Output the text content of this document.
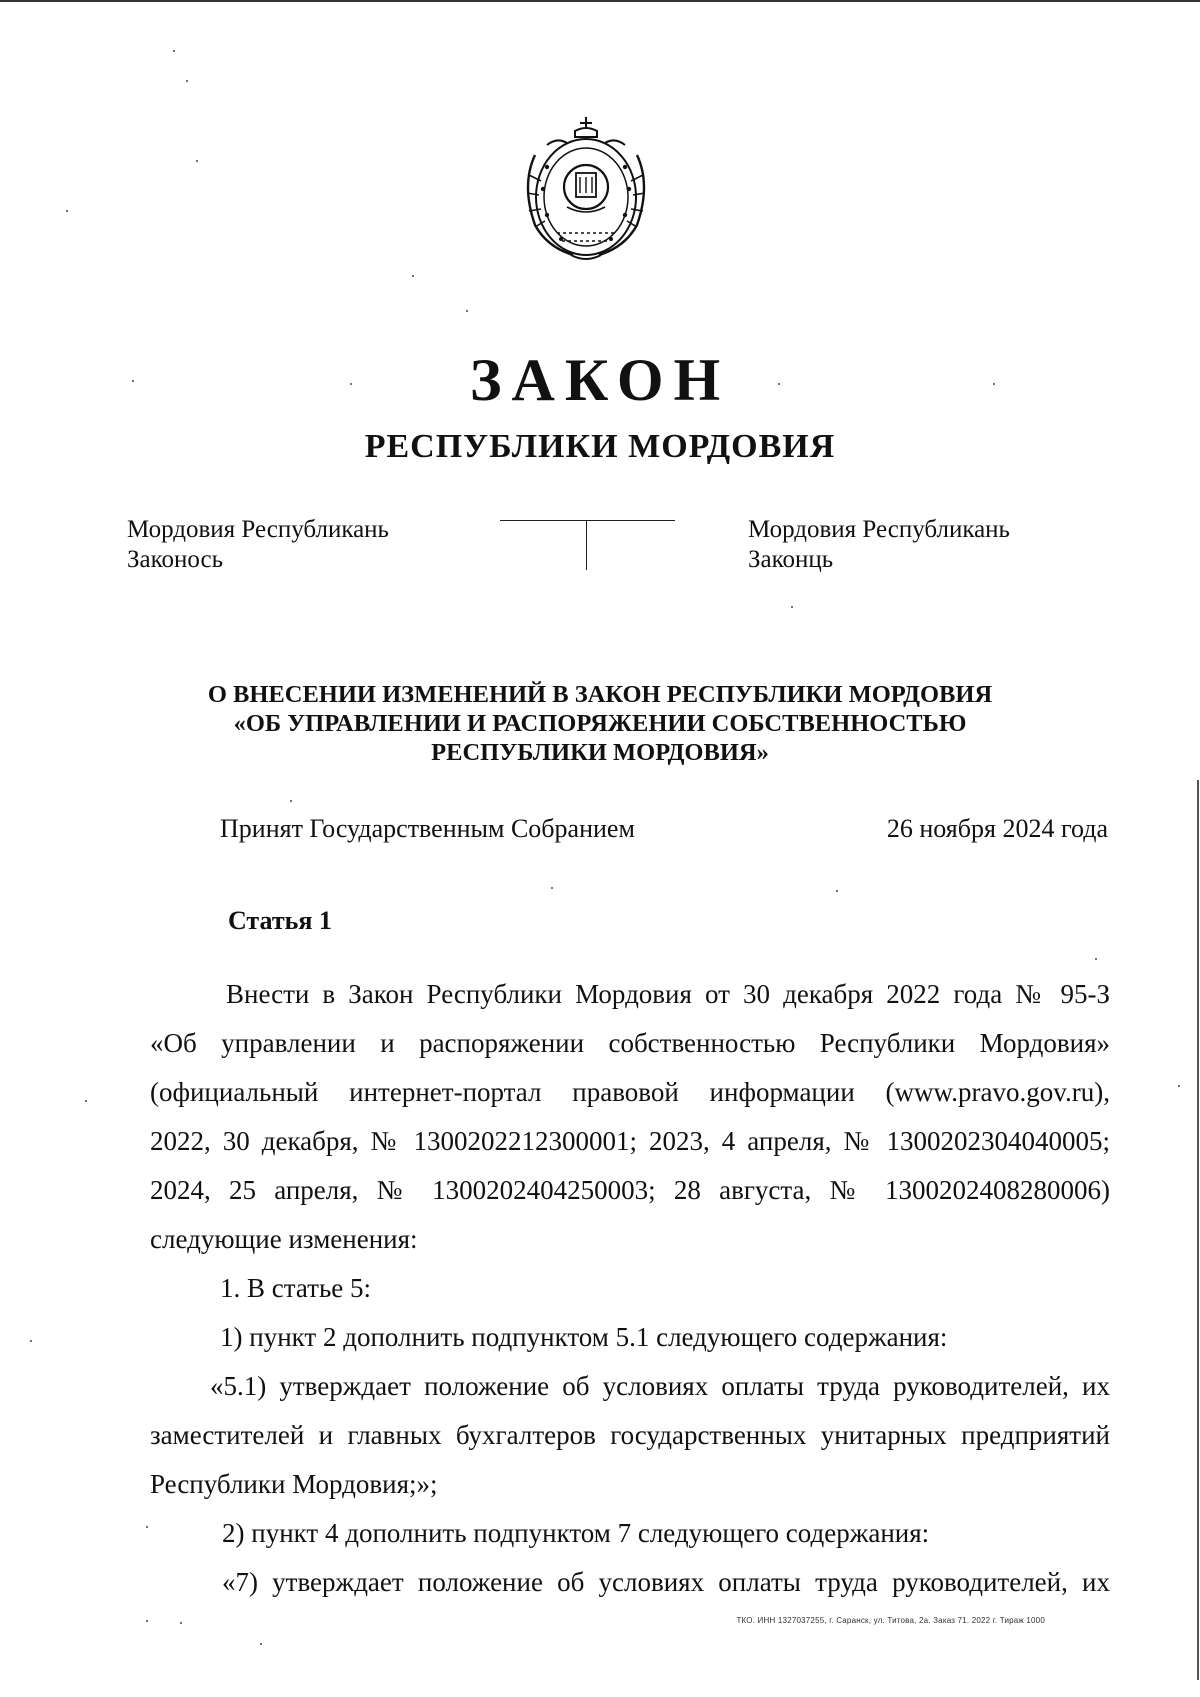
ЗАКОН
РЕСПУБЛИКИ МОРДОВИЯ
Мордовия Республикань
Законось
Мордовия Республикань
Законць
О ВНЕСЕНИИ ИЗМЕНЕНИЙ В ЗАКОН РЕСПУБЛИКИ МОРДОВИЯ
«ОБ УПРАВЛЕНИИ И РАСПОРЯЖЕНИИ СОБСТВЕННОСТЬЮ
РЕСПУБЛИКИ МОРДОВИЯ»
Принят Государственным Собранием	26 ноября 2024 года
Статья 1
Внести в Закон Республики Мордовия от 30 декабря 2022 года № 95-З
«Об управлении и распоряжении собственностью Республики Мордовия»
(официальный интернет-портал правовой информации (www.pravo.gov.ru),
2022, 30 декабря, № 1300202212300001; 2023, 4 апреля, № 1300202304040005;
2024, 25 апреля, № 1300202404250003; 28 августа, № 1300202408280006)
следующие изменения:
1. В статье 5:
1) пункт 2 дополнить подпунктом 5.1 следующего содержания:
«5.1) утверждает положение об условиях оплаты труда руководителей, их
заместителей и главных бухгалтеров государственных унитарных предприятий
Республики Мордовия;»;
2) пункт 4 дополнить подпунктом 7 следующего содержания:
«7) утверждает положение об условиях оплаты труда руководителей, их
ТКО. ИНН 1327037255, г. Саранск, ул. Титова, 2а. Заказ 71. 2022 г. Тираж 1000
